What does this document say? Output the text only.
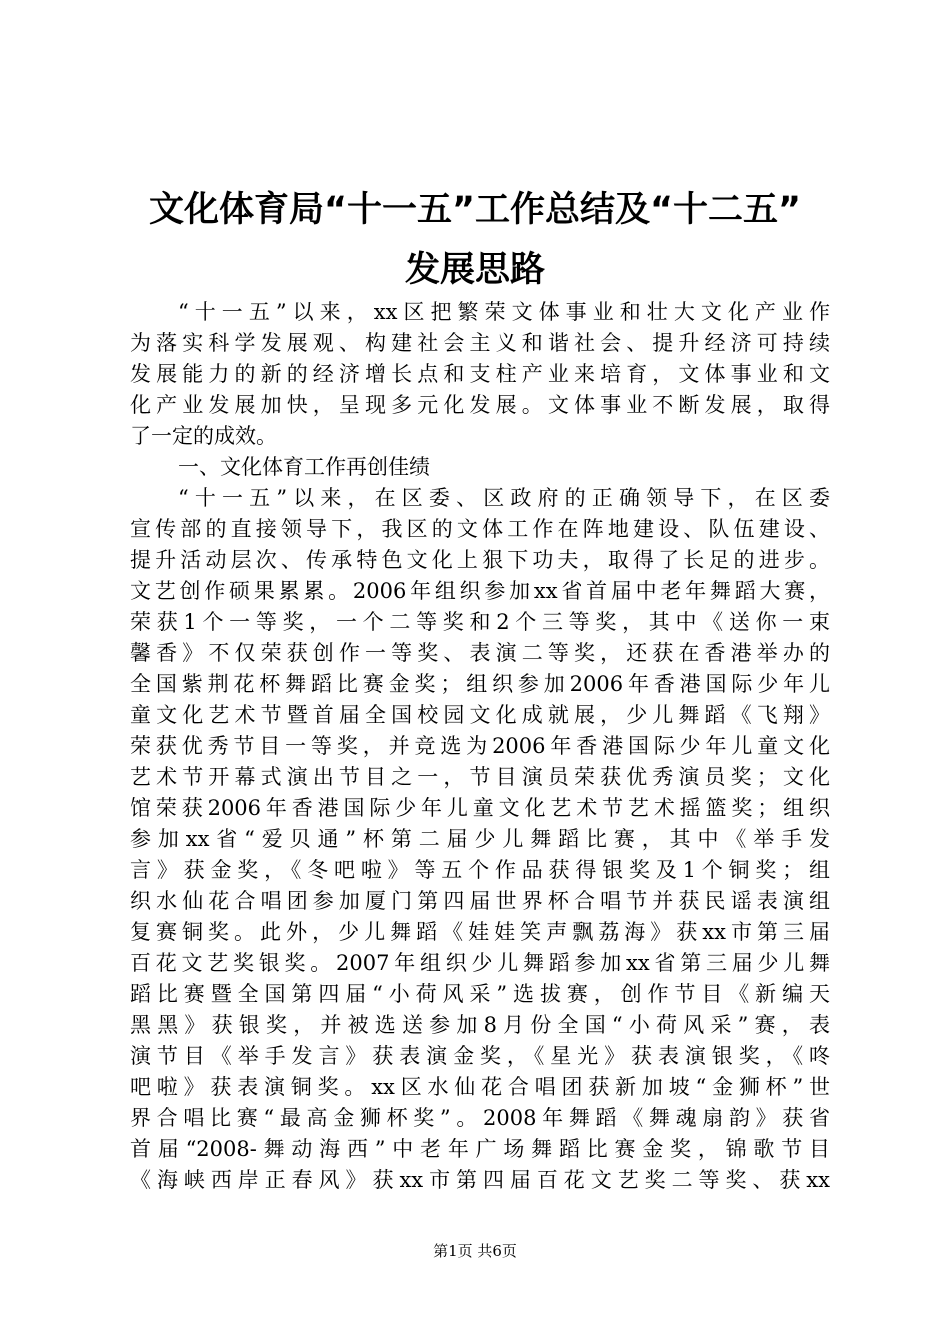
文化体育局“十一五”工作总结及“十二五”
发展思路
“十一五”以来，xx区把繁荣文体事业和壮大文化产业作
为落实科学发展观、构建社会主义和谐社会、提升经济可持续
发展能力的新的经济增长点和支柱产业来培育，文体事业和文
化产业发展加快，呈现多元化发展。文体事业不断发展，取得
了一定的成效。
一、文化体育工作再创佳绩
“十一五”以来，在区委、区政府的正确领导下，在区委
宣传部的直接领导下，我区的文体工作在阵地建设、队伍建设、
提升活动层次、传承特色文化上狠下功夫，取得了长足的进步。
文艺创作硕果累累。2006年组织参加xx省首届中老年舞蹈大赛，
荣获1个一等奖，一个二等奖和2个三等奖，其中《送你一束
馨香》不仅荣获创作一等奖、表演二等奖，还获在香港举办的
全国紫荆花杯舞蹈比赛金奖；组织参加2006年香港国际少年儿
童文化艺术节暨首届全国校园文化成就展，少儿舞蹈《飞翔》
荣获优秀节目一等奖，并竞选为2006年香港国际少年儿童文化
艺术节开幕式演出节目之一，节目演员荣获优秀演员奖；文化
馆荣获2006年香港国际少年儿童文化艺术节艺术摇篮奖；组织
参加xx省“爱贝通”杯第二届少儿舞蹈比赛，其中《举手发
言》获金奖，《冬吧啦》等五个作品获得银奖及1个铜奖；组
织水仙花合唱团参加厦门第四届世界杯合唱节并获民谣表演组
复赛铜奖。此外，少儿舞蹈《娃娃笑声飘荔海》获xx市第三届
百花文艺奖银奖。2007年组织少儿舞蹈参加xx省第三届少儿舞
蹈比赛暨全国第四届“小荷风采”选拔赛，创作节目《新编天
黑黑》获银奖，并被选送参加8月份全国“小荷风采”赛，表
演节目《举手发言》获表演金奖，《星光》获表演银奖，《咚
吧啦》获表演铜奖。xx区水仙花合唱团获新加坡“金狮杯”世
界合唱比赛“最高金狮杯奖”。2008年舞蹈《舞魂扇韵》获省
首届“2008-舞动海西”中老年广场舞蹈比赛金奖，锦歌节目
《海峡西岸正春风》获xx市第四届百花文艺奖二等奖、获xx
第1页 共6页
